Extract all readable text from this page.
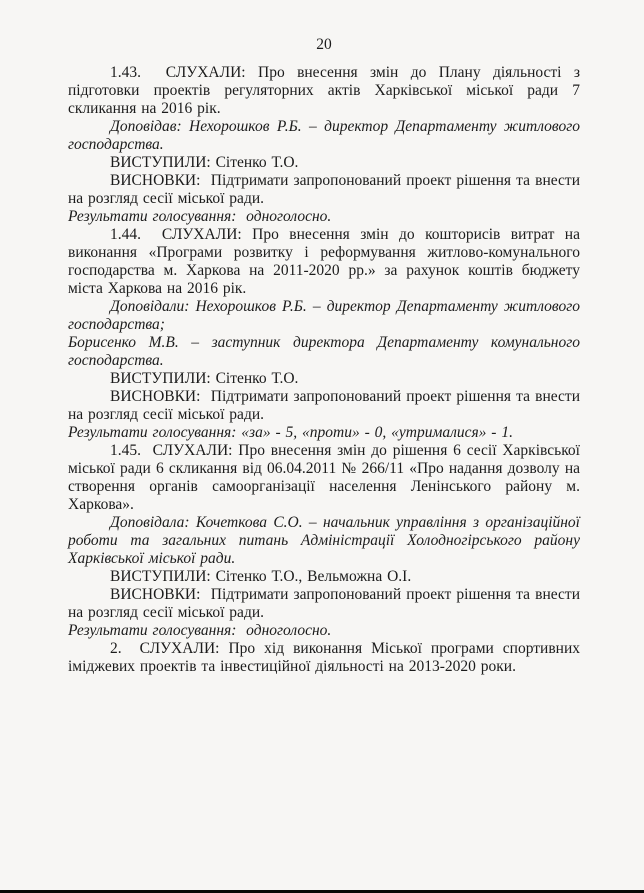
20

1.43.  СЛУХАЛИ: Про внесення змін до Плану діяльності з підготовки проектів регуляторних актів Харківської міської ради 7 скликання на 2016 рік.

Доповідав: Нехорошков Р.Б. – директор Департаменту житлового господарства.

ВИСТУПИЛИ: Сітенко Т.О.

ВИСНОВКИ:  Підтримати запропонований проект рішення та внести на розгляд сесії міської ради.

Результати голосування:  одноголосно.

1.44.  СЛУХАЛИ: Про внесення змін до кошторисів витрат на виконання «Програми розвитку і реформування житлово-комунального господарства м. Харкова на 2011-2020 рр.» за рахунок коштів бюджету міста Харкова на 2016 рік.

Доповідали: Нехорошков Р.Б. – директор Департаменту житлового господарства;

Борисенко М.В. – заступник директора Департаменту комунального господарства.

ВИСТУПИЛИ: Сітенко Т.О.

ВИСНОВКИ:  Підтримати запропонований проект рішення та внести на розгляд сесії міської ради.

Результати голосування: «за» - 5, «проти» - 0, «утрималися» - 1.

1.45.  СЛУХАЛИ: Про внесення змін до рішення 6 сесії Харківської міської ради 6 скликання від 06.04.2011 № 266/11 «Про надання дозволу на створення органів самоорганізації населення Ленінського району м. Харкова».

Доповідала: Кочеткова С.О. – начальник управління з організаційної роботи та загальних питань Адміністрації Холодногірського району Харківської міської ради.

ВИСТУПИЛИ: Сітенко Т.О., Вельможна О.І.

ВИСНОВКИ:  Підтримати запропонований проект рішення та внести на розгляд сесії міської ради.

Результати голосування:  одноголосно.

2.  СЛУХАЛИ: Про хід виконання Міської програми спортивних іміджевих проектів та інвестиційної діяльності на 2013-2020 роки.
